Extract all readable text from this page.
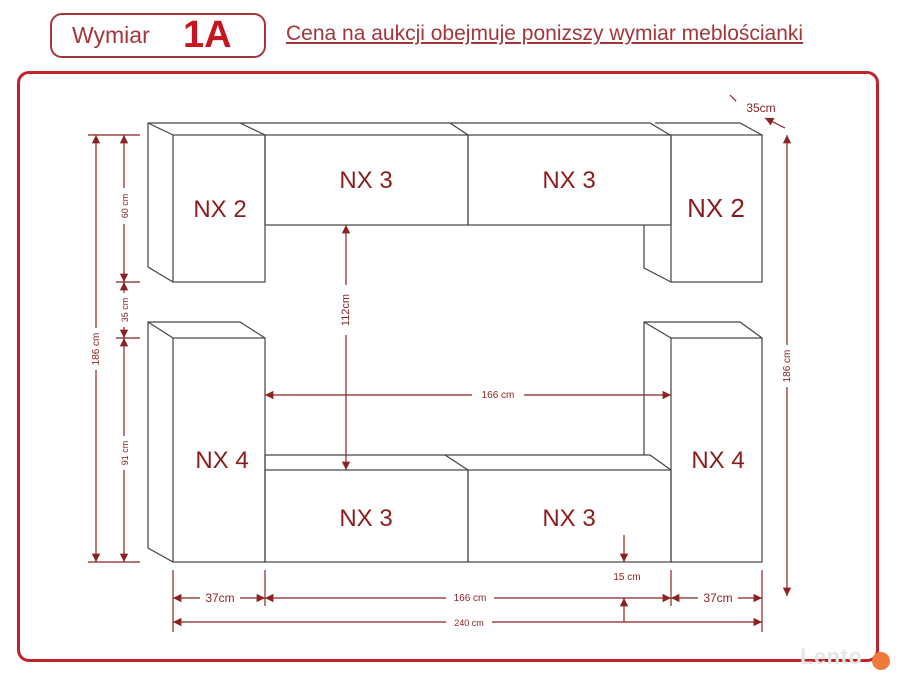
Wymiar 1A	Cena na aukcji obejmuje ponizszy wymiar meblościanki
NX 2
NX 3	NX 3
NX 2
NX 4
NX 3	NX 3
NX 4
35cm
60 cm
35 cm
91 cm
186 cm
112cm
166 cm
186 cm
15 cm
37cm	166 cm	37cm
240 cm
Lento
